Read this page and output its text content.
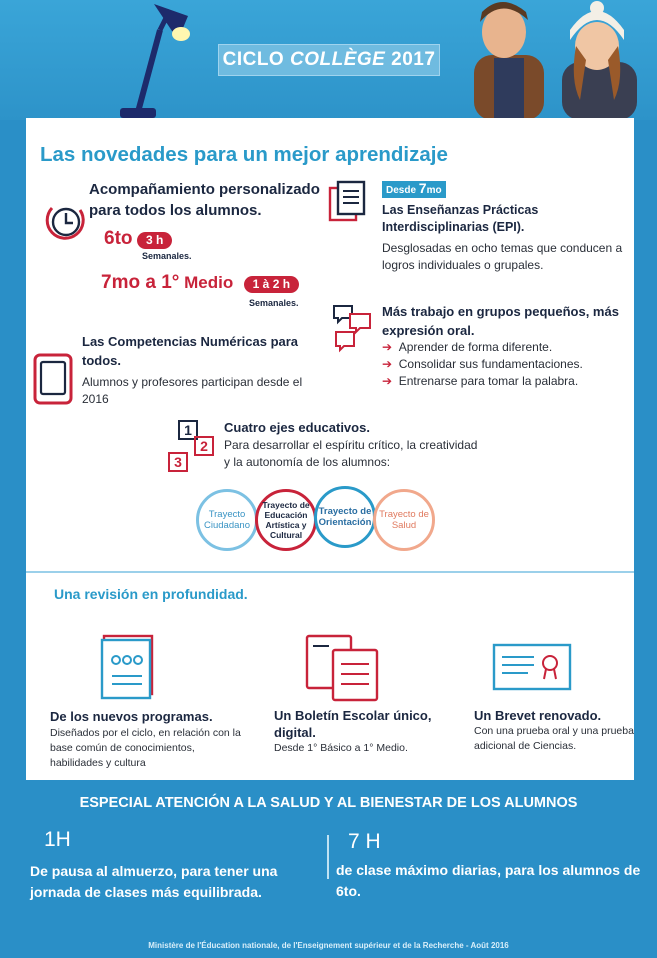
CICLO COLLÈGE 2017
Las novedades para un mejor aprendizaje
Acompañamiento personalizado para todos los alumnos.
6to 3 h
Semanales.
7mo a 1° Medio 1 à 2 h
Semanales.
Desde 7mo
Las Enseñanzas Prácticas Interdisciplinarias (EPI).
Desglosadas en ocho temas que conducen a logros individuales o grupales.
Más trabajo en grupos pequeños, más expresión oral.
➔ Aprender de forma diferente.
➔ Consolidar sus fundamentaciones.
➔ Entrenarse para tomar la palabra.
Las Competencias Numéricas para todos.
Alumnos y profesores participan desde el 2016
1
2
3
Cuatro ejes educativos.
Para desarrollar el espíritu crítico, la creatividad y la autonomía de los alumnos:
Trayecto Ciudadano
Trayecto de Educación Artística y Cultural
Trayecto de Orientación
Trayecto de Salud
Una revisión en profundidad.
De los nuevos programas.
Diseñados por el ciclo, en relación con la base común de conocimientos, habilidades y cultura
Un Boletín Escolar único, digital.
Desde 1° Básico a 1° Medio.
Un Brevet renovado.
Con una prueba oral y una prueba adicional de Ciencias.
ESPECIAL ATENCIÓN A LA SALUD Y AL BIENESTAR DE LOS ALUMNOS
1H
De pausa al almuerzo, para tener una jornada de clases más equilibrada.
7 H
de clase máximo diarias, para los alumnos de 6to.
Ministère de l'Éducation nationale, de l'Enseignement supérieur et de la Recherche - Août 2016
